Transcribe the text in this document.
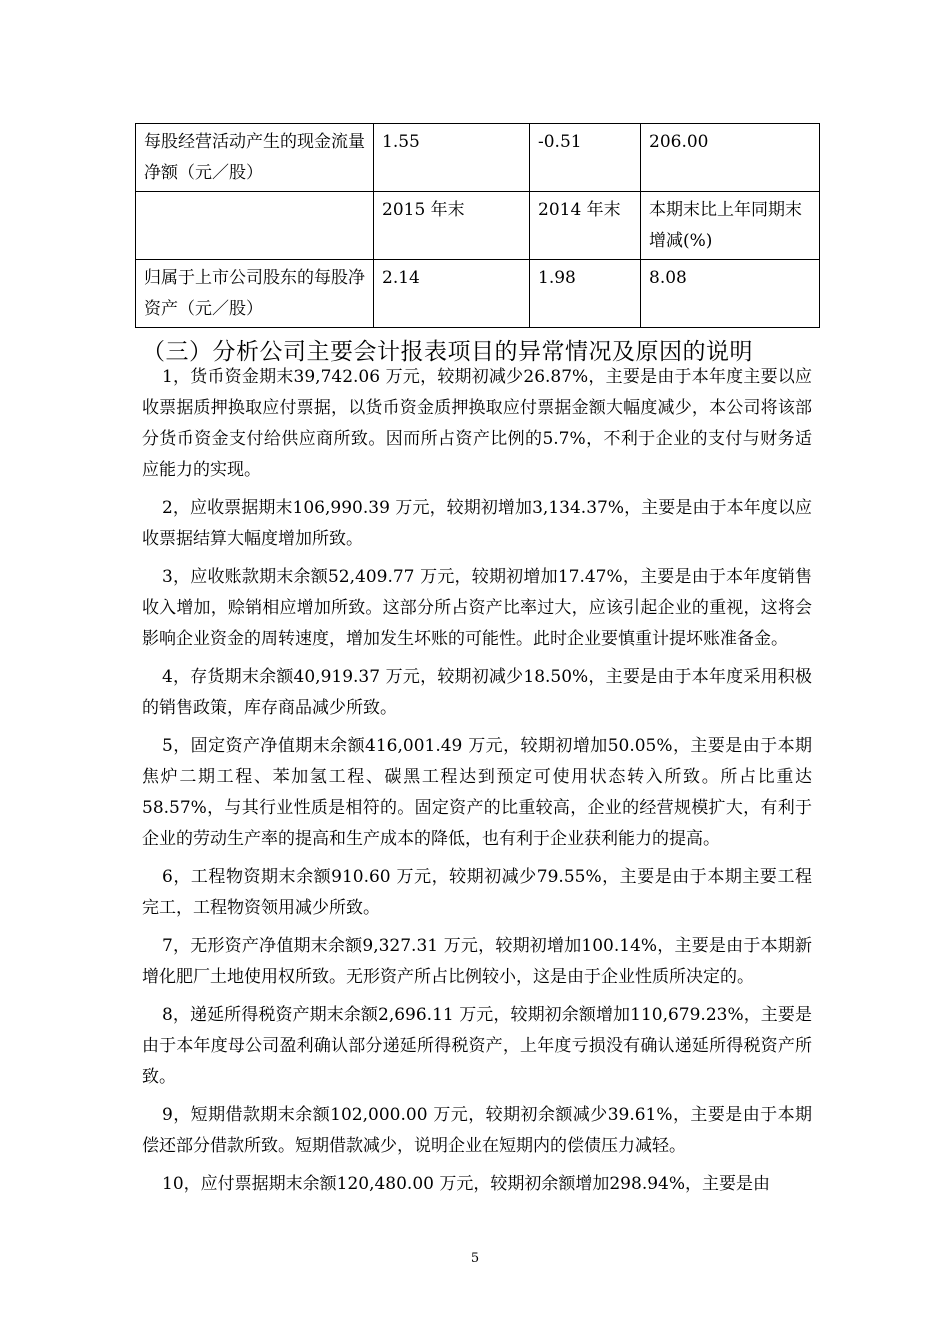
每股经营活动产生的现金流量净额（元／股）	1.55	-0.51	206.00
	2015 年末	2014 年末	本期末比上年同期末增减(%)
归属于上市公司股东的每股净资产（元／股）	2.14	1.98	8.08
（三）分析公司主要会计报表项目的异常情况及原因的说明

1，货币资金期末39,742.06 万元，较期初减少26.87%，主要是由于本年度主要以应收票据质押换取应付票据，以货币资金质押换取应付票据金额大幅度减少，本公司将该部分货币资金支付给供应商所致。因而所占资产比例的5.7%，不利于企业的支付与财务适应能力的实现。

2，应收票据期末106,990.39 万元，较期初增加3,134.37%，主要是由于本年度以应收票据结算大幅度增加所致。

3，应收账款期末余额52,409.77 万元，较期初增加17.47%，主要是由于本年度销售收入增加，赊销相应增加所致。这部分所占资产比率过大，应该引起企业的重视，这将会影响企业资金的周转速度，增加发生坏账的可能性。此时企业要慎重计提坏账准备金。

4，存货期末余额40,919.37 万元，较期初减少18.50%，主要是由于本年度采用积极的销售政策，库存商品减少所致。

5，固定资产净值期末余额416,001.49 万元，较期初增加50.05%，主要是由于本期焦炉二期工程、苯加氢工程、碳黑工程达到预定可使用状态转入所致。所占比重达58.57%，与其行业性质是相符的。固定资产的比重较高，企业的经营规模扩大，有利于企业的劳动生产率的提高和生产成本的降低，也有利于企业获利能力的提高。

6，工程物资期末余额910.60 万元，较期初减少79.55%，主要是由于本期主要工程完工，工程物资领用减少所致。

7，无形资产净值期末余额9,327.31 万元，较期初增加100.14%，主要是由于本期新增化肥厂土地使用权所致。无形资产所占比例较小，这是由于企业性质所决定的。

8，递延所得税资产期末余额2,696.11 万元，较期初余额增加110,679.23%，主要是由于本年度母公司盈利确认部分递延所得税资产，上年度亏损没有确认递延所得税资产所致。

9，短期借款期末余额102,000.00 万元，较期初余额减少39.61%，主要是由于本期偿还部分借款所致。短期借款减少，说明企业在短期内的偿债压力减轻。

10，应付票据期末余额120,480.00 万元，较期初余额增加298.94%，主要是由

5
